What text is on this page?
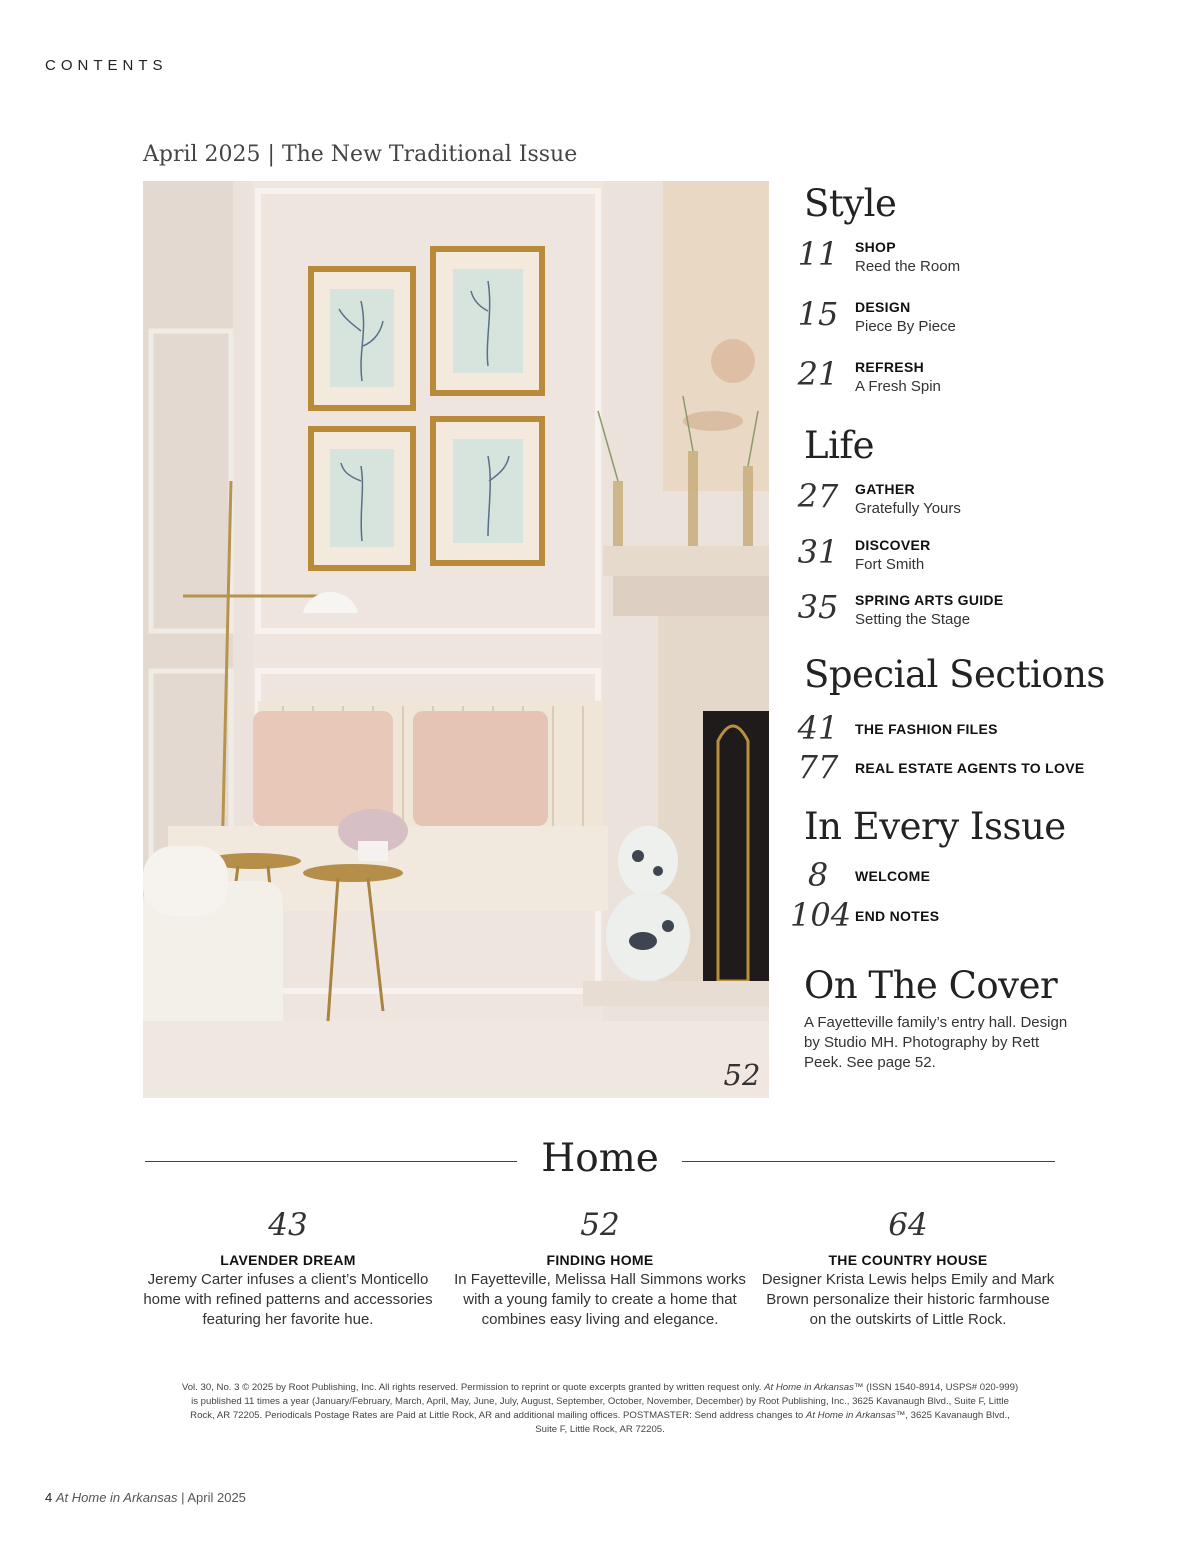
CONTENTS
April 2025 | The New Traditional Issue
52
Style
11	SHOP
Reed the Room
15	DESIGN
Piece By Piece
21	REFRESH
A Fresh Spin
Life
27	GATHER
Gratefully Yours
31	DISCOVER
Fort Smith
35	SPRING ARTS GUIDE
Setting the Stage
Special Sections
41	THE FASHION FILES
77	REAL ESTATE AGENTS TO LOVE
In Every Issue
8	WELCOME
104 END NOTES
On The Cover

A Fayetteville family’s entry hall. Design by Studio MH. Photography by Rett Peek. See page 52.

Home
43
LAVENDER DREAM
Jeremy Carter infuses a client’s Monticello home with refined patterns and accessories featuring her favorite hue.
52
FINDING HOME
In Fayetteville, Melissa Hall Simmons works with a young family to create a home that combines easy living and elegance.
64
THE COUNTRY HOUSE
Designer Krista Lewis helps Emily and Mark Brown personalize their historic farmhouse on the outskirts of Little Rock.

Vol. 30, No. 3 © 2025 by Root Publishing, Inc. All rights reserved. Permission to reprint or quote excerpts granted by written request only. At Home in Arkansas™ (ISSN 1540-8914, USPS# 020-999) is published 11 times a year (January/February, March, April, May, June, July, August, September, October, November, December) by Root Publishing, Inc., 3625 Kavanaugh Blvd., Suite F, Little Rock, AR 72205. Periodicals Postage Rates are Paid at Little Rock, AR and additional mailing offices. POSTMASTER: Send address changes to At Home in Arkansas™, 3625 Kavanaugh Blvd., Suite F, Little Rock, AR 72205.

4 At Home in Arkansas | April 2025
